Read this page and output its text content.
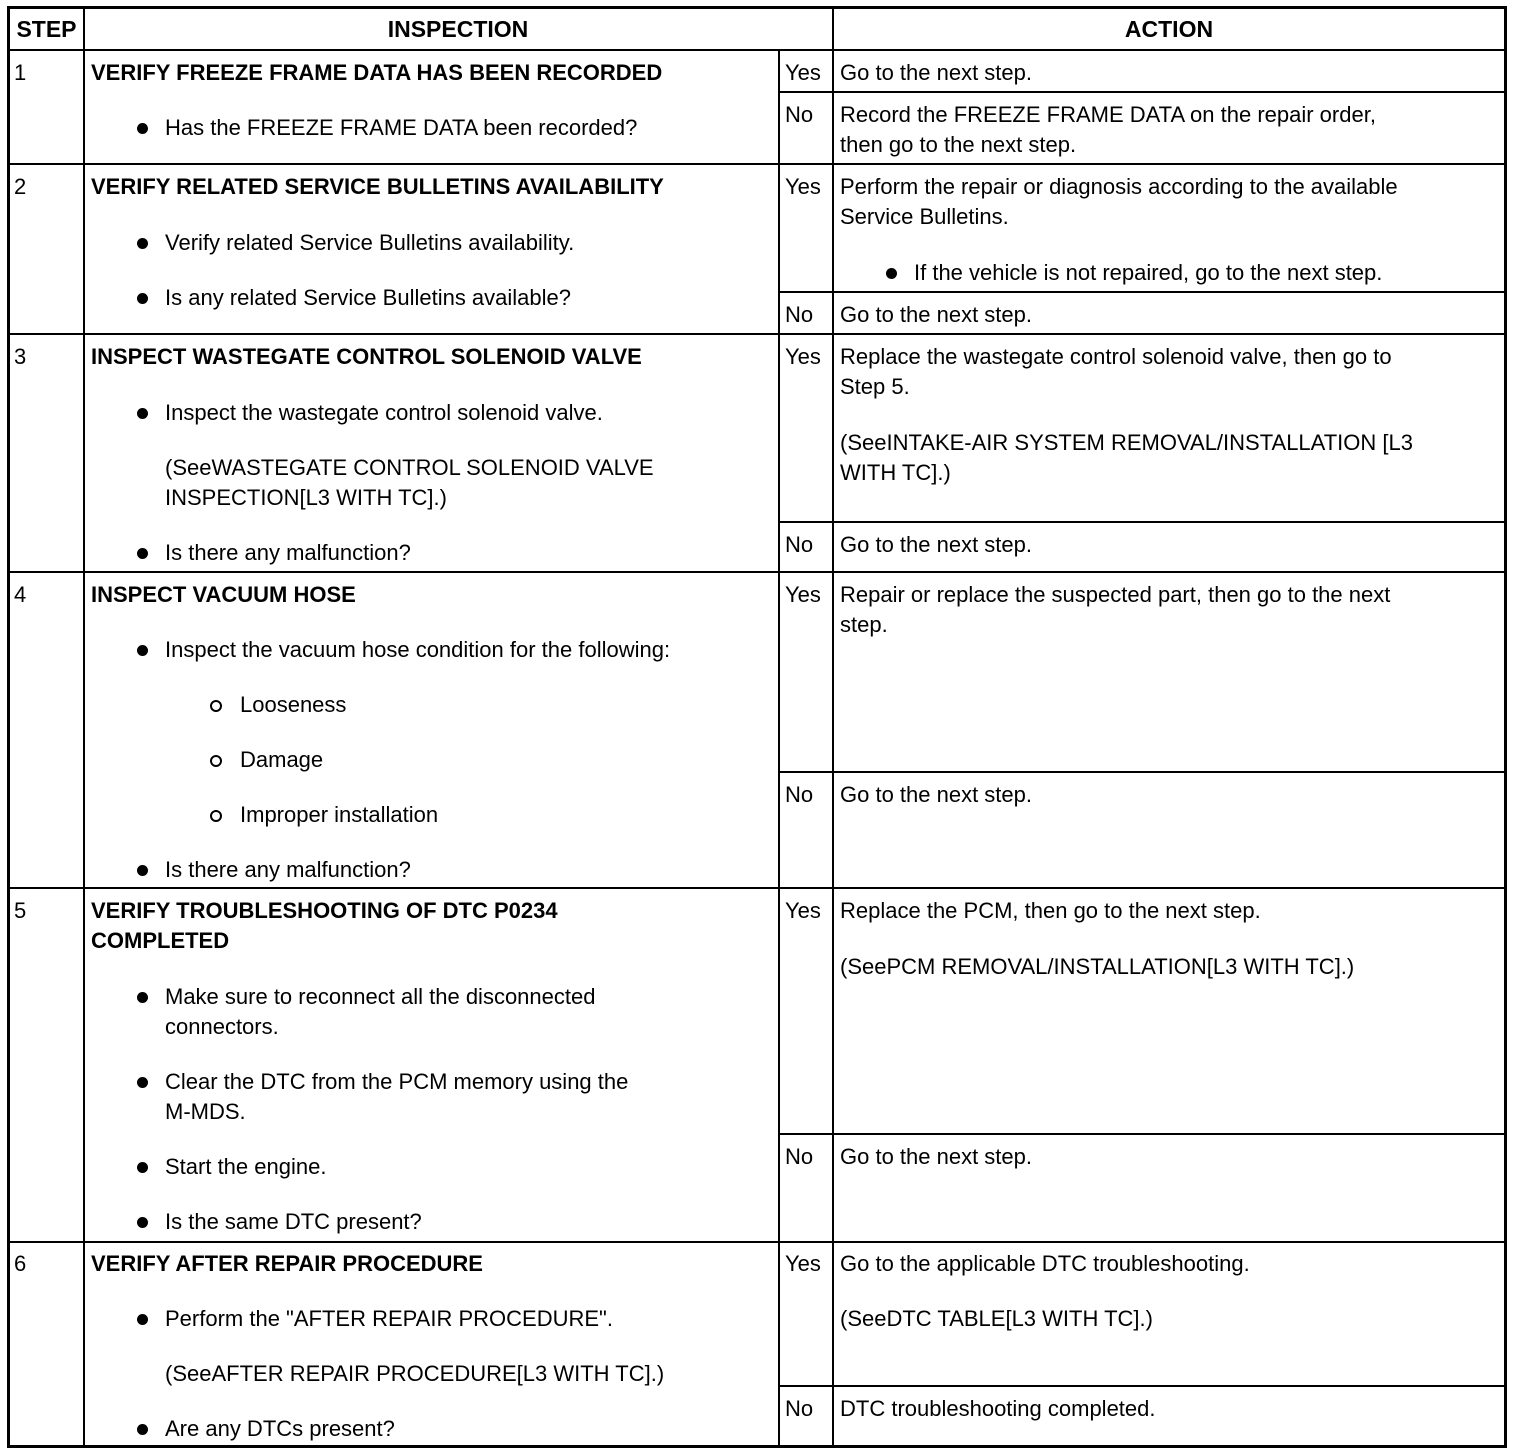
STEP	INSPECTION	ACTION
1	VERIFY FREEZE FRAME DATA HAS BEEN RECORDED
Has the FREEZE FRAME DATA been recorded?
Yes Go to the next step.
No Record the FREEZE FRAME DATA on the repair order,
then go to the next step.
2	VERIFY RELATED SERVICE BULLETINS AVAILABILITY
Verify related Service Bulletins availability.
Is any related Service Bulletins available?
Yes Perform the repair or diagnosis according to the available
Service Bulletins.
If the vehicle is not repaired, go to the next step.
No Go to the next step.
3	INSPECT WASTEGATE CONTROL SOLENOID VALVE
Inspect the wastegate control solenoid valve.
(SeeWASTEGATE CONTROL SOLENOID VALVE
INSPECTION[L3 WITH TC].)
Is there any malfunction?
Yes Replace the wastegate control solenoid valve, then go to
Step 5.
(SeeINTAKE-AIR SYSTEM REMOVAL/INSTALLATION [L3
WITH TC].)
No Go to the next step.
4	INSPECT VACUUM HOSE
Inspect the vacuum hose condition for the following:
Looseness
Damage
Improper installation
Is there any malfunction?
Yes Repair or replace the suspected part, then go to the next
step.
No Go to the next step.
5	VERIFY TROUBLESHOOTING OF DTC P0234
COMPLETED
Make sure to reconnect all the disconnected
connectors.
Clear the DTC from the PCM memory using the
M-MDS.
Start the engine.
Is the same DTC present?
Yes Replace the PCM, then go to the next step.
(SeePCM REMOVAL/INSTALLATION[L3 WITH TC].)
No Go to the next step.
6	VERIFY AFTER REPAIR PROCEDURE
Perform the "AFTER REPAIR PROCEDURE".
(SeeAFTER REPAIR PROCEDURE[L3 WITH TC].)
Are any DTCs present?
Yes Go to the applicable DTC troubleshooting.
(SeeDTC TABLE[L3 WITH TC].)
No DTC troubleshooting completed.
